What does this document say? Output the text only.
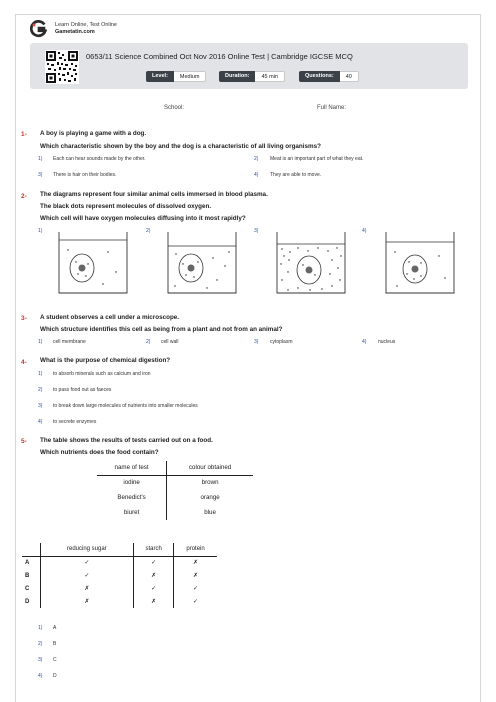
Learn Online, Test Online
Gametatin.com
0653/11 Science Combined Oct Nov 2016 Online Test | Cambridge IGCSE MCQ
Level:	Medium	Duration:	45 min	Questions:	40
School:	Full Name:
1- A boy is playing a game with a dog.
Which characteristic shown by the boy and the dog is a characteristic of all living organisms?
1) Each can hear sounds made by the other.	2) Meat is an important part of what they eat.
3) There is hair on their bodies.	4) They are able to move.
2- The diagrams represent four similar animal cells immersed in blood plasma.
The black dots represent molecules of dissolved oxygen.
Which cell will have oxygen molecules diffusing into it most rapidly?
1)	2)	3)	4)
3- A student observes a cell under a microscope.
Which structure identifies this cell as being from a plant and not from an animal?
1) cell membrane	2) cell wall	3) cytoplasm	4) nucleus
4- What is the purpose of chemical digestion?
1) to absorb minerals such as calcium and iron
2) to pass food out as faeces
3) to break down large molecules of nutrients into smaller molecules
4) to secrete enzymes
5- The table shows the results of tests carried out on a food.
Which nutrients does the food contain?
name of test	colour obtained
iodine	brown
Benedict's	orange
biuret	blue
	reducing sugar	starch	protein
A	✓	✓	✗
B	✓	✗	✗
C	✗	✓	✓
D	✗	✗	✓
1) A
2) B
3) C
4) D
